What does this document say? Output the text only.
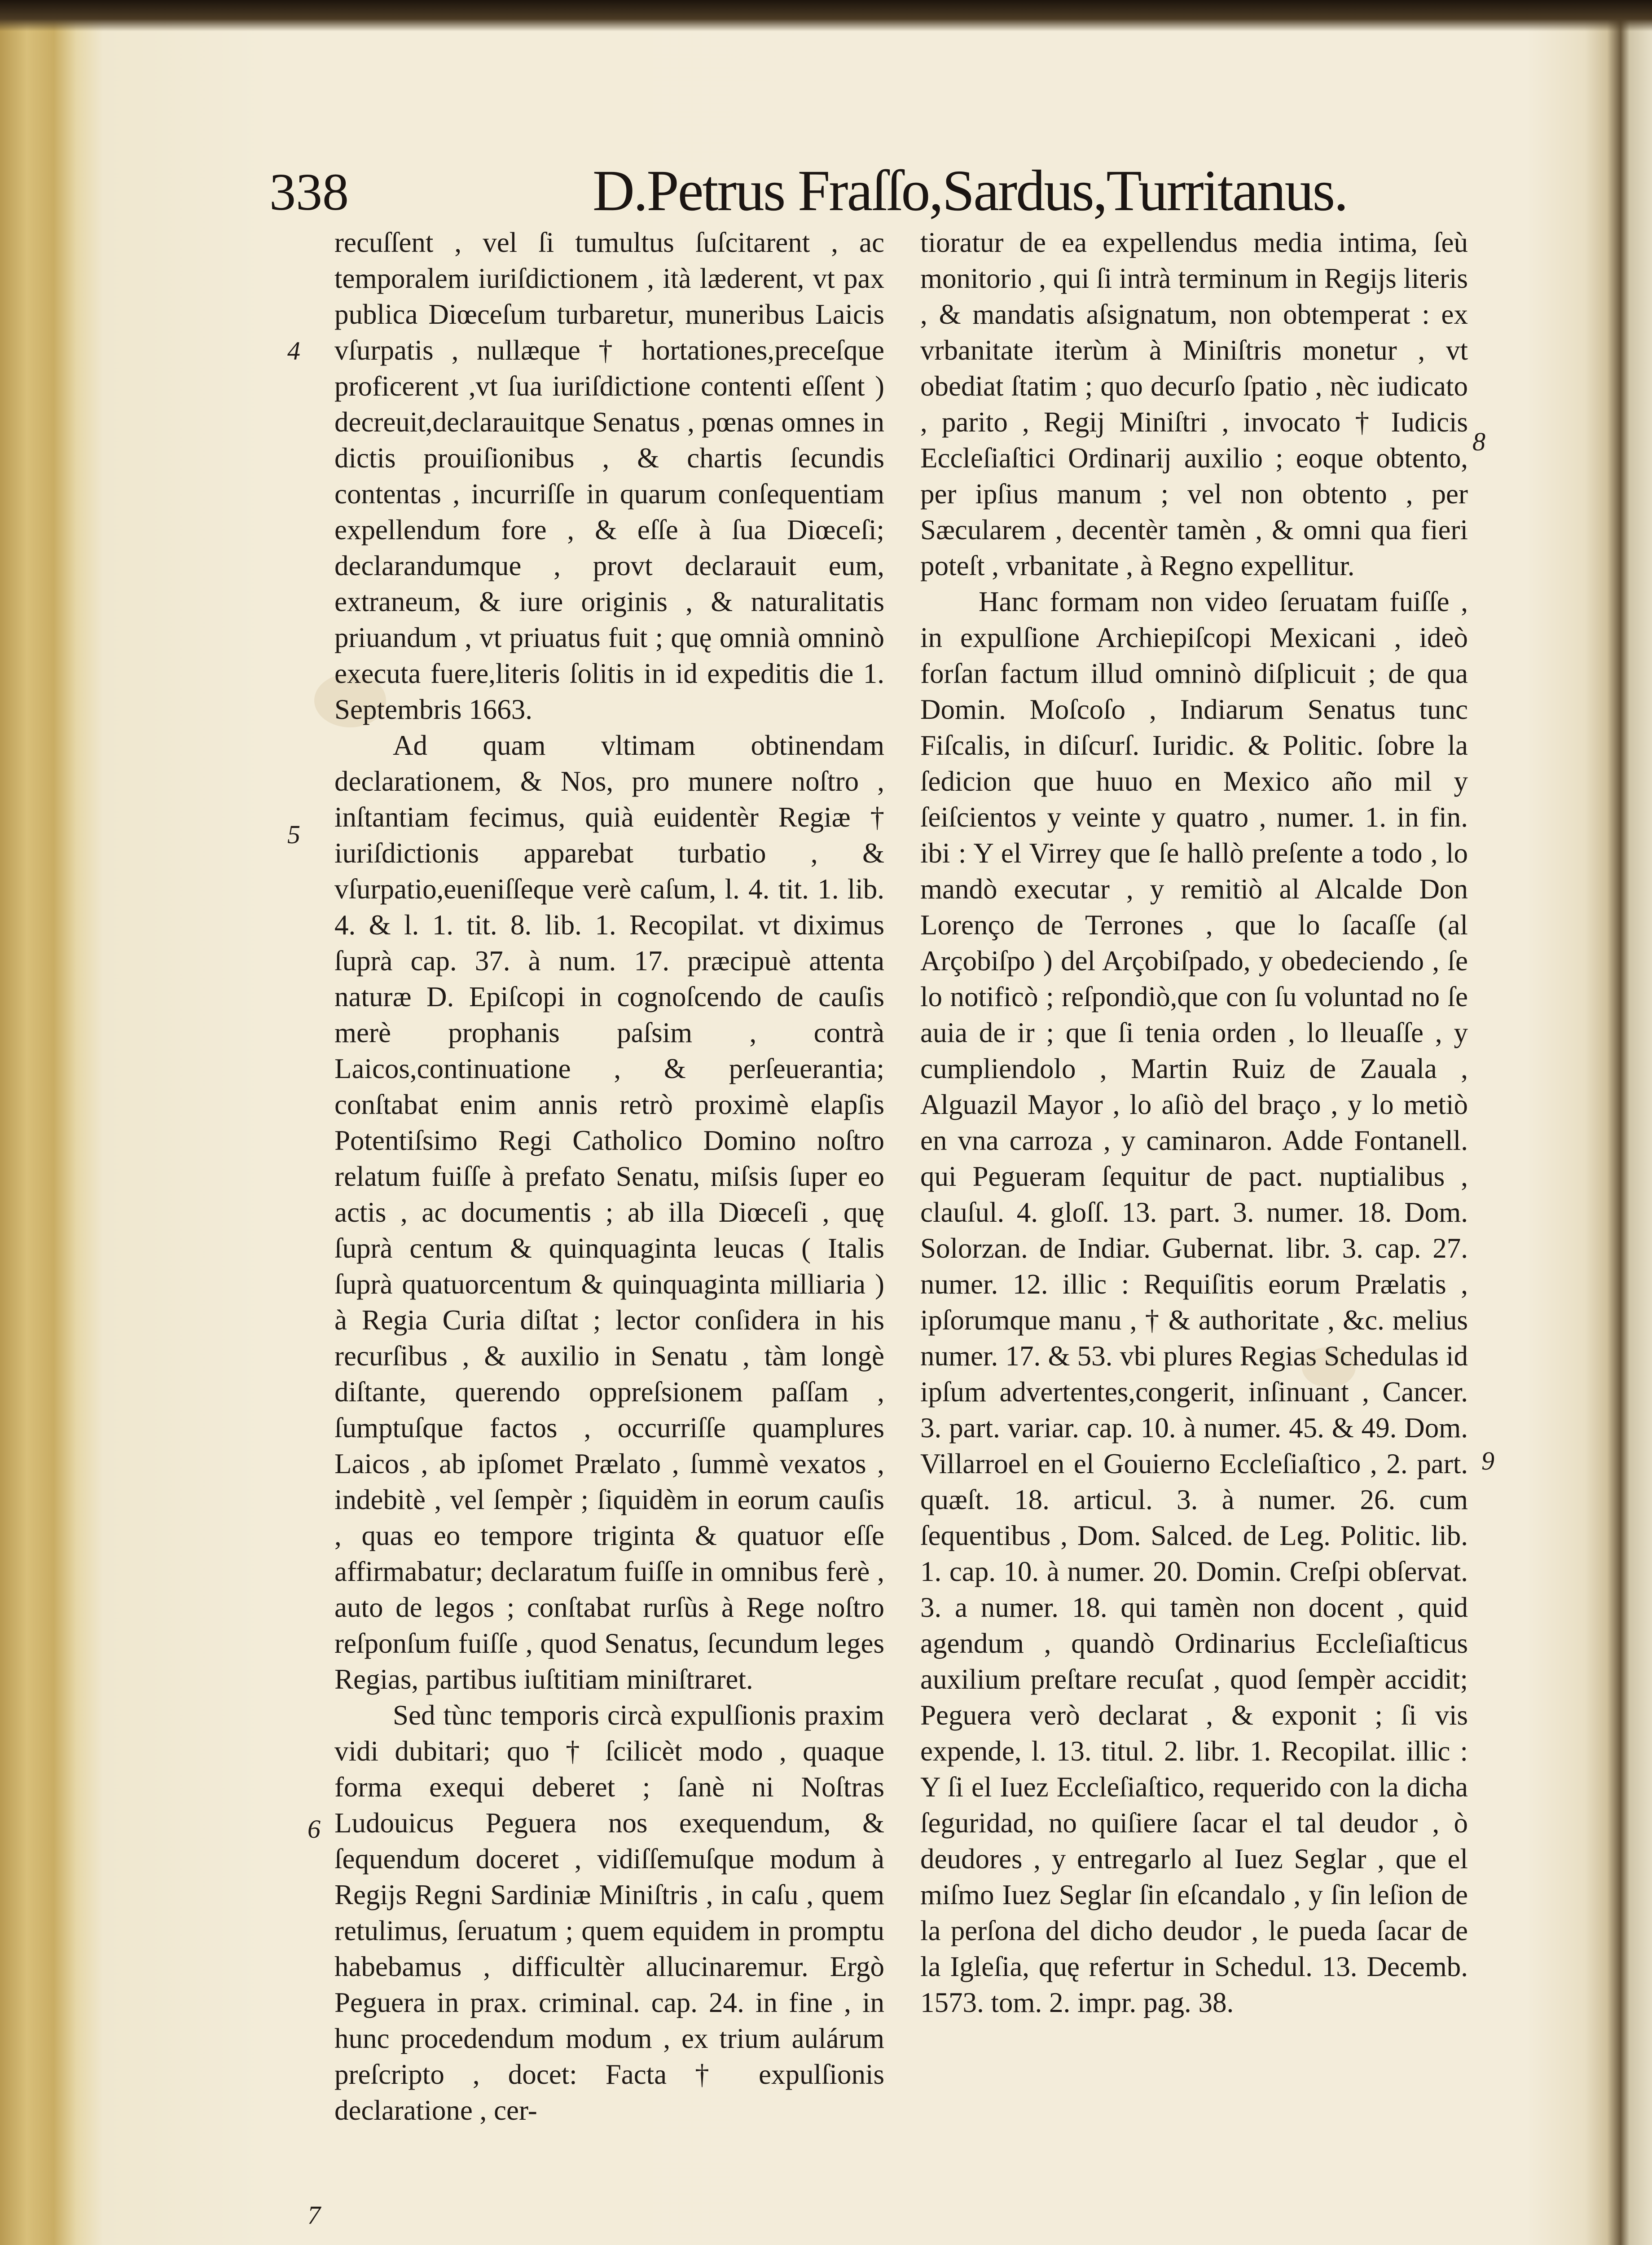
338	D.Petrus Fraſſo,Sardus,Turritanus.
4
5
6
7
8
9

recuſſent , vel ſi tumultus ſuſcitarent , ac temporalem iuriſdictionem , ità læderent, vt pax publica Diœceſum turbaretur, muneribus Laicis vſurpatis , nullæque † hortationes,preceſque proficerent ,vt ſua iuriſdictione contenti eſſent ) decreuit,declarauitque Senatus , pœnas omnes in dictis prouiſionibus , & chartis ſecundis contentas , incurriſſe in quarum conſequentiam expellendum fore , & eſſe à ſua Diœceſi; declarandumque , provt declarauit eum, extraneum, & iure originis , & naturalitatis priuandum , vt priuatus fuit ; quę omnià omninò executa fuere,literis ſolitis in id expeditis die 1. Septembris 1663.

Ad quam vltimam obtinendam declarationem, & Nos, pro munere noſtro , inſtantiam fecimus, quià euidentèr Regiæ † iuriſdictionis apparebat turbatio , & vſurpatio,eueniſſeque verè caſum, l. 4. tit. 1. lib. 4. & l. 1. tit. 8. lib. 1. Recopilat. vt diximus ſuprà cap. 37. à num. 17. præcipuè attenta naturæ D. Epiſcopi in cognoſcendo de cauſis merè prophanis paſsim , contrà Laicos,continuatione , & perſeuerantia; conſtabat enim annis retrò proximè elapſis Potentiſsimo Regi Catholico Domino noſtro relatum fuiſſe à prefato Senatu, miſsis ſuper eo actis , ac documentis ; ab illa Diœceſi , quę ſuprà centum & quinquaginta leucas ( Italis ſuprà quatuorcentum & quinquaginta milliaria ) à Regia Curia diſtat ; lector conſidera in his recurſibus , & auxilio in Senatu , tàm longè diſtante, querendo oppreſsionem paſſam , ſumptuſque factos , occurriſſe quamplures Laicos , ab ipſomet Prælato , ſummè vexatos , indebitè , vel ſempèr ; ſiquidèm in eorum cauſis , quas eo tempore triginta & quatuor eſſe affirmabatur; declaratum fuiſſe in omnibus ferè , auto de legos ; conſtabat rurſùs à Rege noſtro reſponſum fuiſſe , quod Senatus, ſecundum leges Regias, partibus iuſtitiam miniſtraret.

Sed tùnc temporis circà expulſionis praxim vidi dubitari; quo † ſcilicèt modo , quaque forma exequi deberet ; ſanè ni Noſtras Ludouicus Peguera nos exequendum, & ſequendum doceret , vidiſſemuſque modum à Regijs Regni Sardiniæ Miniſtris , in caſu , quem retulimus, ſeruatum ; quem equidem in promptu habebamus , difficultèr allucinaremur. Ergò Peguera in prax. criminal. cap. 24. in fine , in hunc procedendum modum , ex trium aulárum preſcripto , docet: Facta † expulſionis declaratione , cer-

tioratur de ea expellendus media intima, ſeù monitorio , qui ſi intrà terminum in Regijs literis , & mandatis aſsignatum, non obtemperat : ex vrbanitate iterùm à Miniſtris monetur , vt obediat ſtatim ; quo decurſo ſpatio , nèc iudicato , parito , Regij Miniſtri , invocato † Iudicis Eccleſiaſtici Ordinarij auxilio ; eoque obtento, per ipſius manum ; vel non obtento , per Sæcularem , decentèr tamèn , & omni qua fieri poteſt , vrbanitate , à Regno expellitur.

Hanc formam non video ſeruatam fuiſſe , in expulſione Archiepiſcopi Mexicani , ideò forſan factum illud omninò diſplicuit ; de qua Domin. Moſcoſo , Indiarum Senatus tunc Fiſcalis, in diſcurſ. Iuridic. & Politic. ſobre la ſedicion que huuo en Mexico año mil y ſeiſcientos y veinte y quatro , numer. 1. in fin. ibi : Y el Virrey que ſe hallò preſente a todo , lo mandò executar , y remitiò al Alcalde Don Lorenço de Terrones , que lo ſacaſſe (al Arçobiſpo ) del Arçobiſpado, y obedeciendo , ſe lo notificò ; reſpondiò,que con ſu voluntad no ſe auia de ir ; que ſi tenia orden , lo lleuaſſe , y cumpliendolo , Martin Ruiz de Zauala , Alguazil Mayor , lo aſiò del braço , y lo metiò en vna carroza , y caminaron. Adde Fontanell. qui Pegueram ſequitur de pact. nuptialibus , clauſul. 4. gloſſ. 13. part. 3. numer. 18. Dom. Solorzan. de Indiar. Gubernat. libr. 3. cap. 27. numer. 12. illic : Requiſitis eorum Prælatis , ipſorumque manu , † & authoritate , &c. melius numer. 17. & 53. vbi plures Regias Schedulas id ipſum advertentes,congerit, inſinuant , Cancer. 3. part. variar. cap. 10. à numer. 45. & 49. Dom. Villarroel en el Gouierno Eccleſiaſtico , 2. part. quæſt. 18. articul. 3. à numer. 26. cum ſequentibus , Dom. Salced. de Leg. Politic. lib. 1. cap. 10. à numer. 20. Domin. Creſpi obſervat. 3. a numer. 18. qui tamèn non docent , quid agendum , quandò Ordinarius Eccleſiaſticus auxilium preſtare recuſat , quod ſempèr accidit; Peguera verò declarat , & exponit ; ſi vis expende, l. 13. titul. 2. libr. 1. Recopilat. illic : Y ſi el Iuez Eccleſiaſtico, requerido con la dicha ſeguridad, no quiſiere ſacar el tal deudor , ò deudores , y entregarlo al Iuez Seglar , que el miſmo Iuez Seglar ſin eſcandalo , y ſin leſion de la perſona del dicho deudor , le pueda ſacar de la Igleſia, quę refertur in Schedul. 13. Decemb. 1573. tom. 2. impr. pag. 38.
